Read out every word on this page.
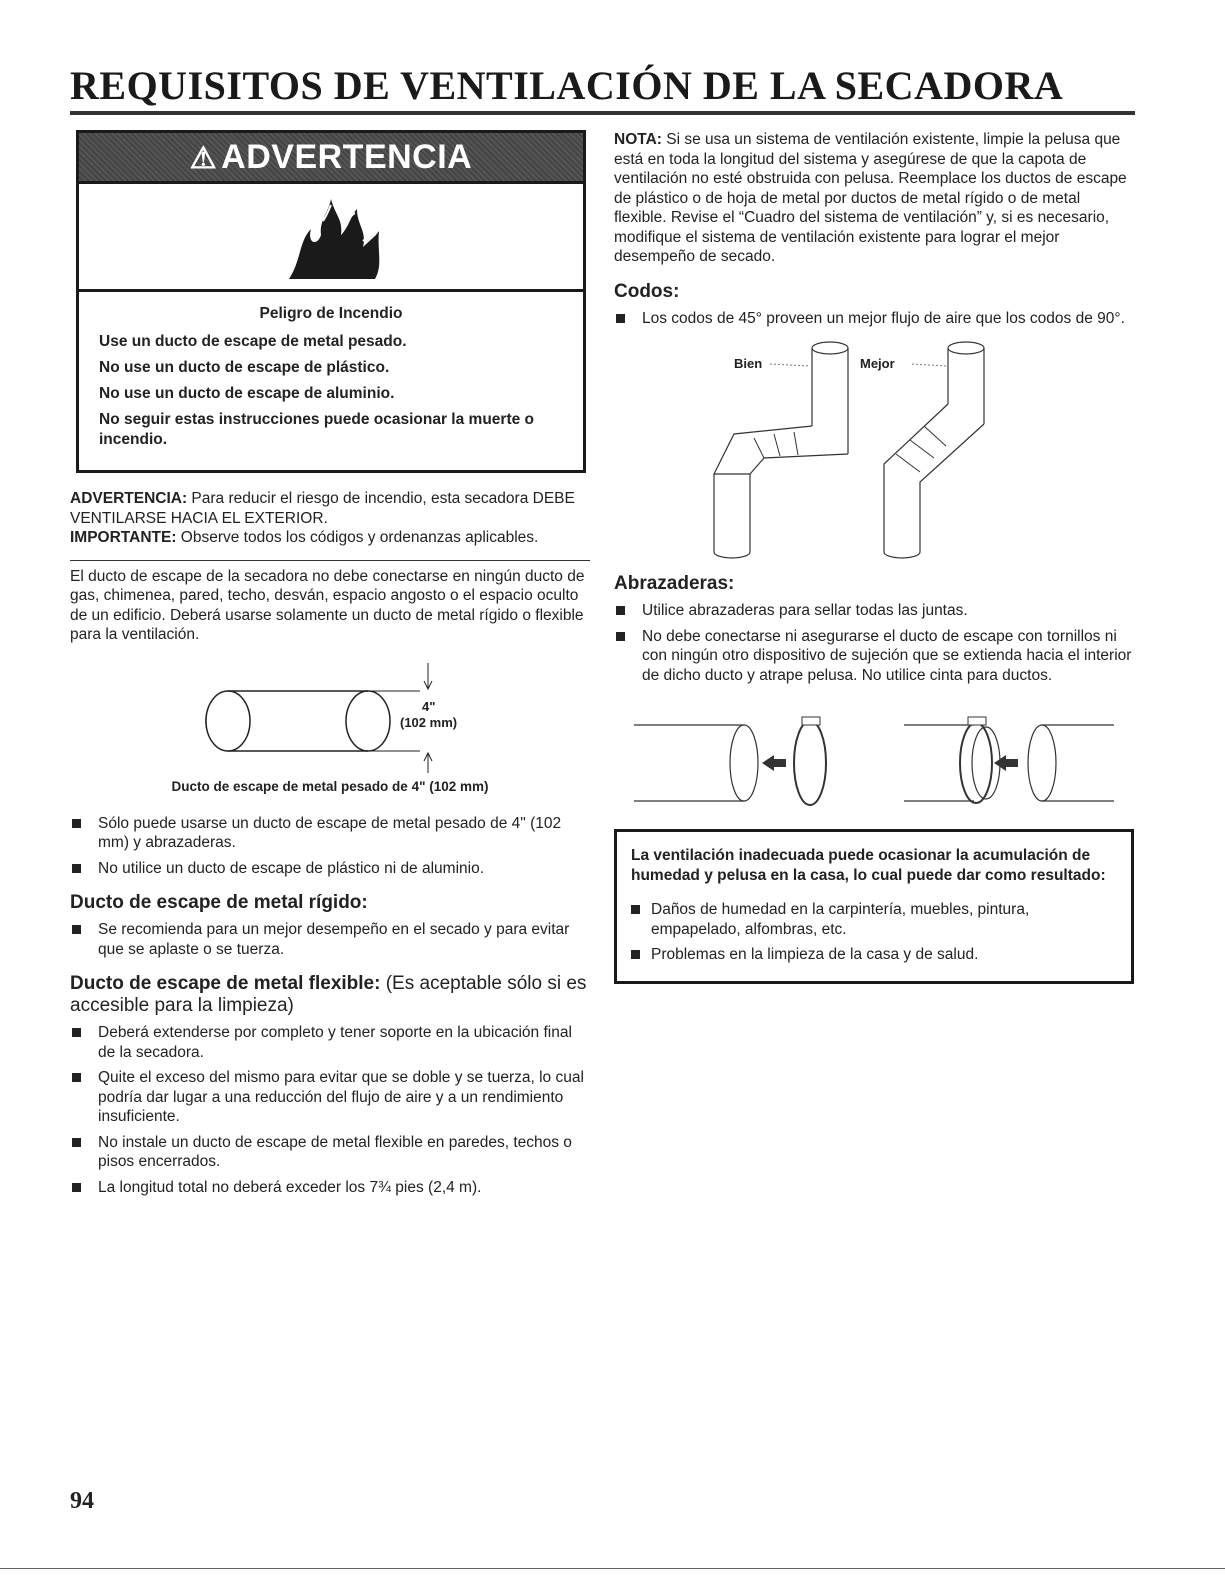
REQUISITOS DE VENTILACIÓN DE LA SECADORA
⚠ ADVERTENCIA
Peligro de Incendio

Use un ducto de escape de metal pesado.

No use un ducto de escape de plástico.

No use un ducto de escape de aluminio.

No seguir estas instrucciones puede ocasionar la muerte o incendio.

ADVERTENCIA: Para reducir el riesgo de incendio, esta secadora DEBE VENTILARSE HACIA EL EXTERIOR.
IMPORTANTE: Observe todos los códigos y ordenanzas aplicables.

El ducto de escape de la secadora no debe conectarse en ningún ducto de gas, chimenea, pared, techo, desván, espacio angosto o el espacio oculto de un edificio. Deberá usarse solamente un ducto de metal rígido o flexible para la ventilación.

4"
(102 mm)
Ducto de escape de metal pesado de 4" (102 mm)
Sólo puede usarse un ducto de escape de metal pesado de 4" (102 mm) y abrazaderas.
No utilice un ducto de escape de plástico ni de aluminio.
Ducto de escape de metal rígido:
Se recomienda para un mejor desempeño en el secado y para evitar que se aplaste o se tuerza.
Ducto de escape de metal flexible: (Es aceptable sólo si es accesible para la limpieza)
Deberá extenderse por completo y tener soporte en la ubicación final de la secadora.
Quite el exceso del mismo para evitar que se doble y se tuerza, lo cual podría dar lugar a una reducción del flujo de aire y a un rendimiento insuficiente.
No instale un ducto de escape de metal flexible en paredes, techos o pisos encerrados.
La longitud total no deberá exceder los 7¾ pies (2,4 m).

NOTA: Si se usa un sistema de ventilación existente, limpie la pelusa que está en toda la longitud del sistema y asegúrese de que la capota de ventilación no esté obstruida con pelusa. Reemplace los ductos de escape de plástico o de hoja de metal por ductos de metal rígido o de metal flexible. Revise el “Cuadro del sistema de ventilación” y, si es necesario, modifique el sistema de ventilación existente para lograr el mejor desempeño de secado.

Codos:
Los codos de 45° proveen un mejor flujo de aire que los codos de 90°.
Bien	Mejor
Abrazaderas:
Utilice abrazaderas para sellar todas las juntas.
No debe conectarse ni asegurarse el ducto de escape con tornillos ni con ningún otro dispositivo de sujeción que se extienda hacia el interior de dicho ducto y atrape pelusa. No utilice cinta para ductos.
La ventilación inadecuada puede ocasionar la acumulación de humedad y pelusa en la casa, lo cual puede dar como resultado:
Daños de humedad en la carpintería, muebles, pintura, empapelado, alfombras, etc.
Problemas en la limpieza de la casa y de salud.
94
